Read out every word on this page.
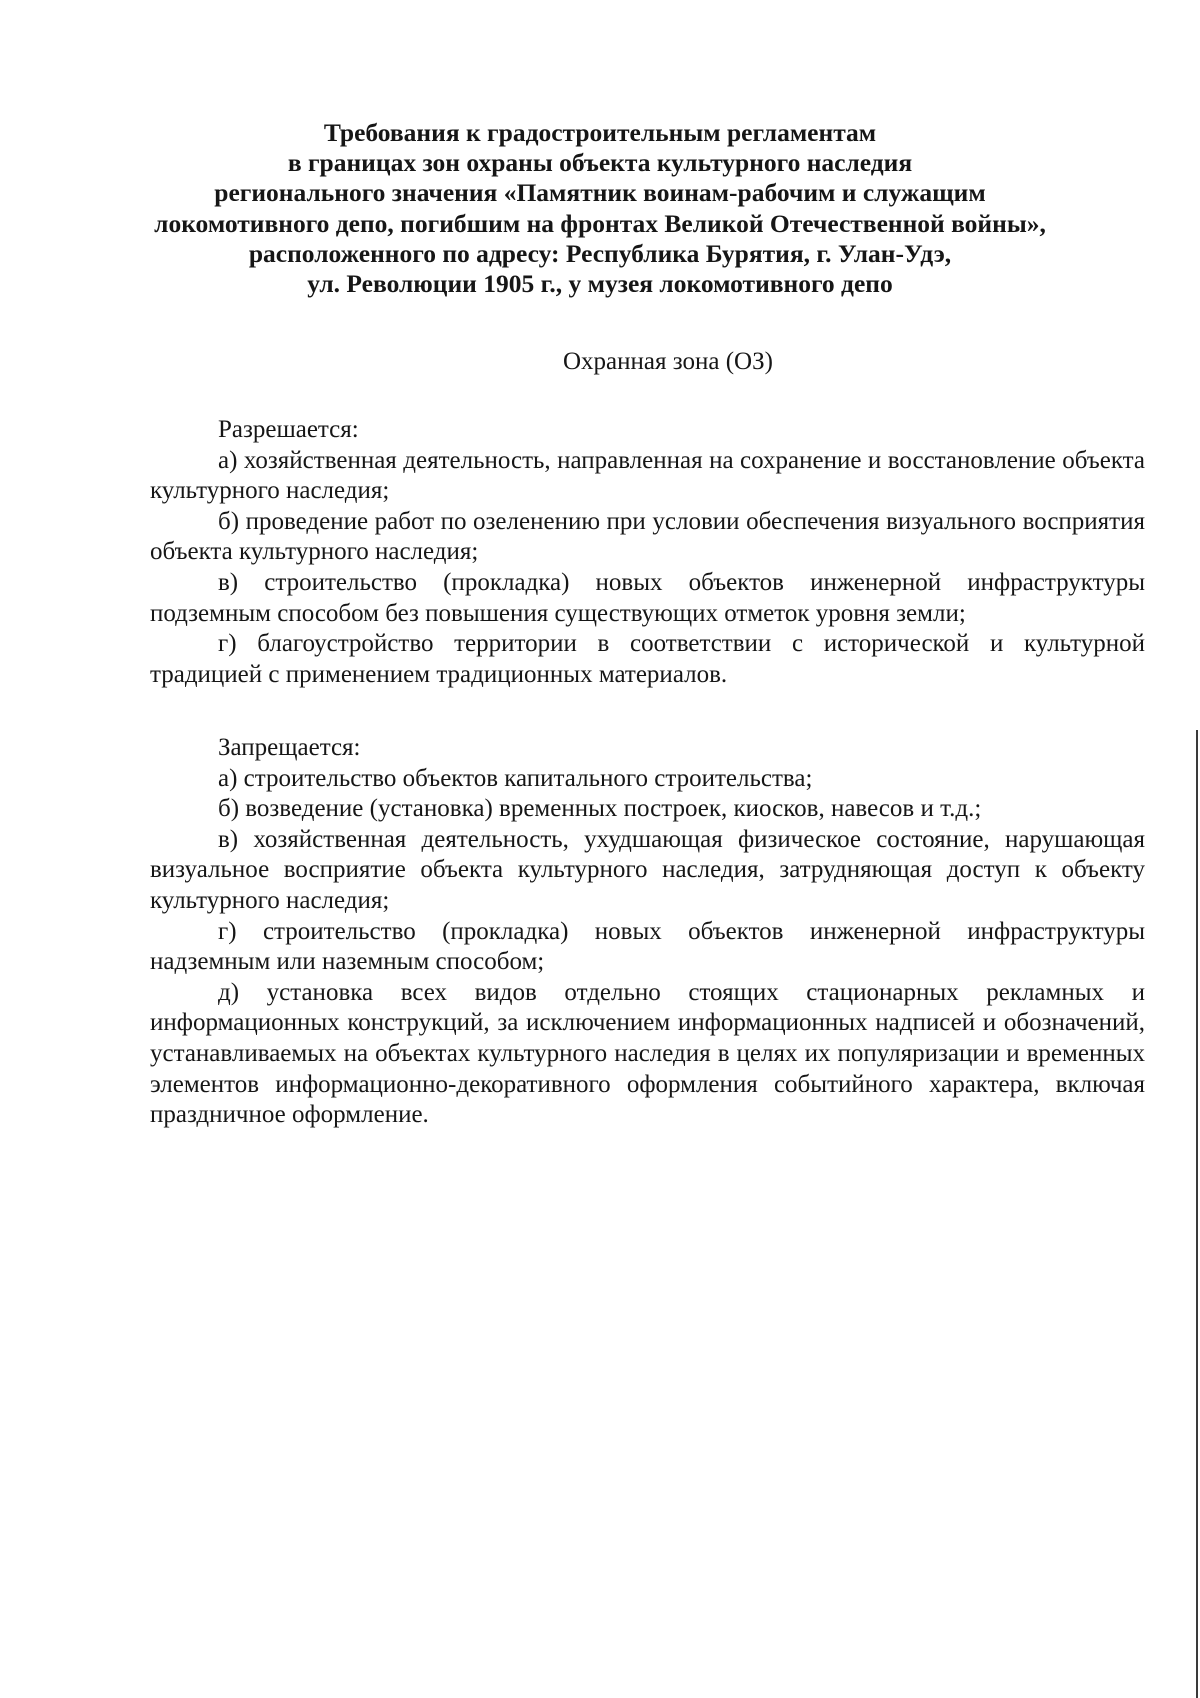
Требования к градостроительным регламентам
в границах зон охраны объекта культурного наследия
регионального значения «Памятник воинам-рабочим и служащим
локомотивного депо, погибшим на фронтах Великой Отечественной войны»,
расположенного по адресу: Республика Бурятия, г. Улан-Удэ,
ул. Революции 1905 г., у музея локомотивного депо
Охранная зона (ОЗ)
Разрешается:

а) хозяйственная деятельность, направленная на сохранение и восстановление объекта культурного наследия;

б) проведение работ по озеленению при условии обеспечения визуального восприятия объекта культурного наследия;

в) строительство (прокладка) новых объектов инженерной инфраструктуры подземным способом без повышения существующих отметок уровня земли;

г) благоустройство территории в соответствии с исторической и культурной традицией с применением традиционных материалов.

Запрещается:

а) строительство объектов капитального строительства;

б) возведение (установка) временных построек, киосков, навесов и т.д.;

в) хозяйственная деятельность, ухудшающая физическое состояние, нарушающая визуальное восприятие объекта культурного наследия, затрудняющая доступ к объекту культурного наследия;

г) строительство (прокладка) новых объектов инженерной инфраструктуры надземным или наземным способом;

д) установка всех видов отдельно стоящих стационарных рекламных и информационных конструкций, за исключением информационных надписей и обозначений, устанавливаемых на объектах культурного наследия в целях их популяризации и временных элементов информационно-декоративного оформления событийного характера, включая праздничное оформление.
